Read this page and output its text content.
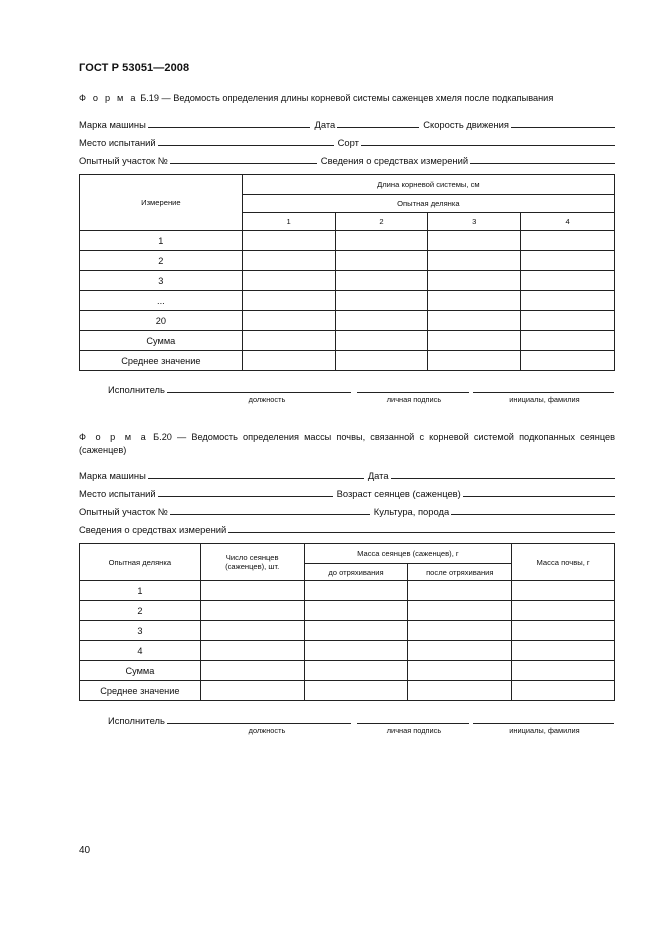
ГОСТ Р 53051—2008
Ф о р м а Б.19 — Ведомость определения длины корневой системы саженцев хмеля после подкапывания
Марка машины	Дата	Скорость движения
Место испытаний	Сорт
Опытный участок №	Сведения о средствах измерений
Измерение	Длина корневой системы, см			
	Опытная делянка			
	1	2	3	4
1				
2				
3				
...				
20				
Сумма				
Среднее значение				
Исполнитель
должность	личная подпись	инициалы, фамилия
Ф о р м а Б.20 — Ведомость определения массы почвы, связанной с корневой системой подкопанных сеянцев (саженцев)
Марка машины	Дата
Место испытаний	Возраст сеянцев (саженцев)
Опытный участок №	Культура, порода
Сведения о средствах измерений
Опытная делянка	Число сеянцев (саженцев), шт.	Масса сеянцев (саженцев), г		Масса почвы, г
		до отряхивания	после отряхивания	
1				
2				
3				
4				
Сумма				
Среднее значение				
Исполнитель
должность	личная подпись	инициалы, фамилия
40
